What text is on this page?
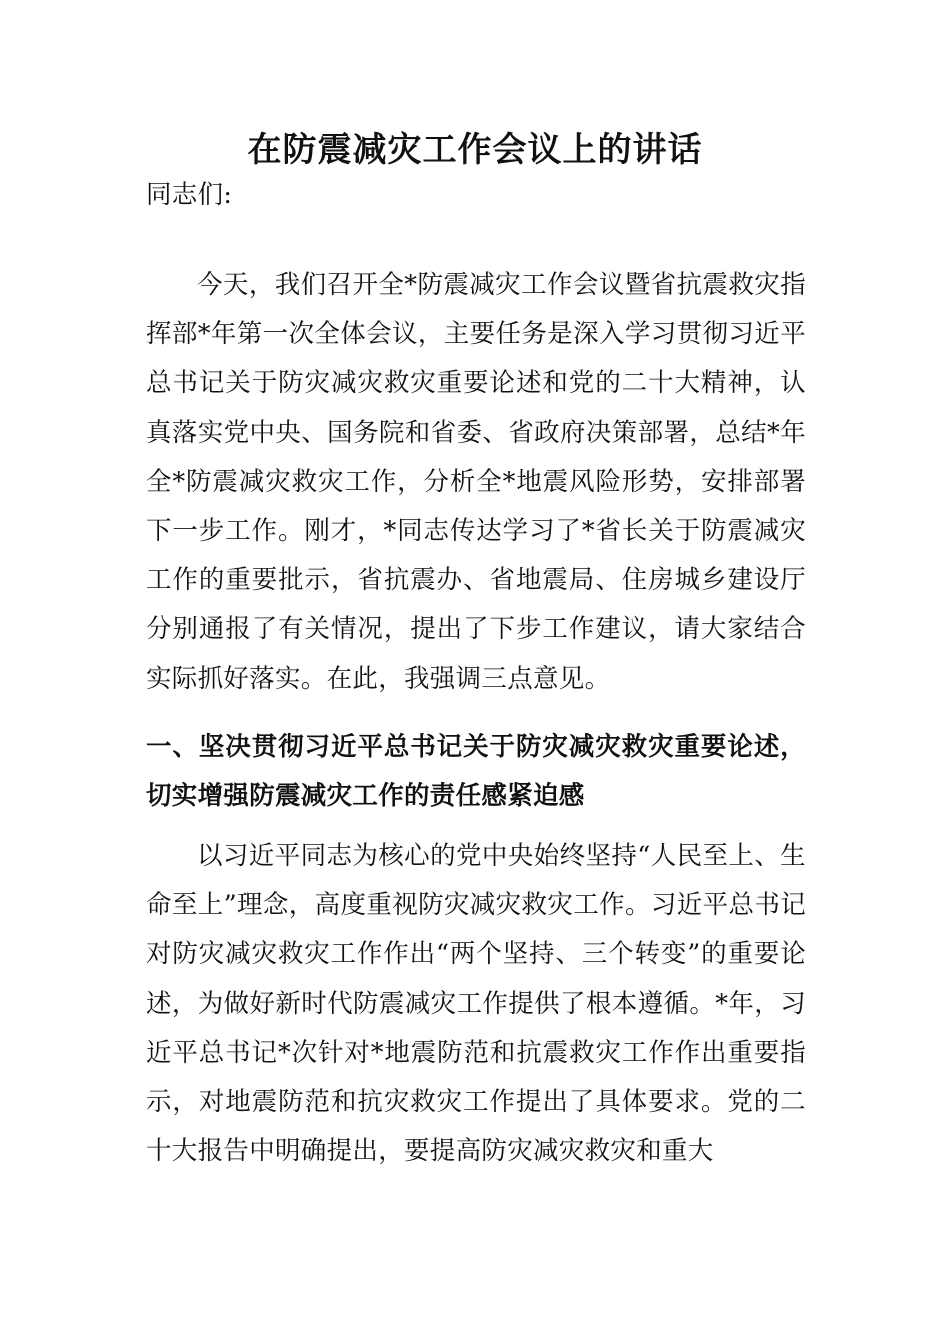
在防震减灾工作会议上的讲话
同志们:
今天，我们召开全*防震减灾工作会议暨省抗震救灾指挥部*年第一次全体会议，主要任务是深入学习贯彻习近平总书记关于防灾减灾救灾重要论述和党的二十大精神，认真落实党中央、国务院和省委、省政府决策部署，总结*年全*防震减灾救灾工作，分析全*地震风险形势，安排部署下一步工作。刚才，*同志传达学习了*省长关于防震减灾工作的重要批示，省抗震办、省地震局、住房城乡建设厅分别通报了有关情况，提出了下步工作建议，请大家结合实际抓好落实。在此，我强调三点意见。
一、坚决贯彻习近平总书记关于防灾减灾救灾重要论述，切实增强防震减灾工作的责任感紧迫感
以习近平同志为核心的党中央始终坚持“人民至上、生命至上”理念，高度重视防灾减灾救灾工作。习近平总书记对防灾减灾救灾工作作出“两个坚持、三个转变”的重要论述，为做好新时代防震减灾工作提供了根本遵循。*年，习近平总书记*次针对*地震防范和抗震救灾工作作出重要指示，对地震防范和抗灾救灾工作提出了具体要求。党的二十大报告中明确提出，要提高防灾减灾救灾和重大
